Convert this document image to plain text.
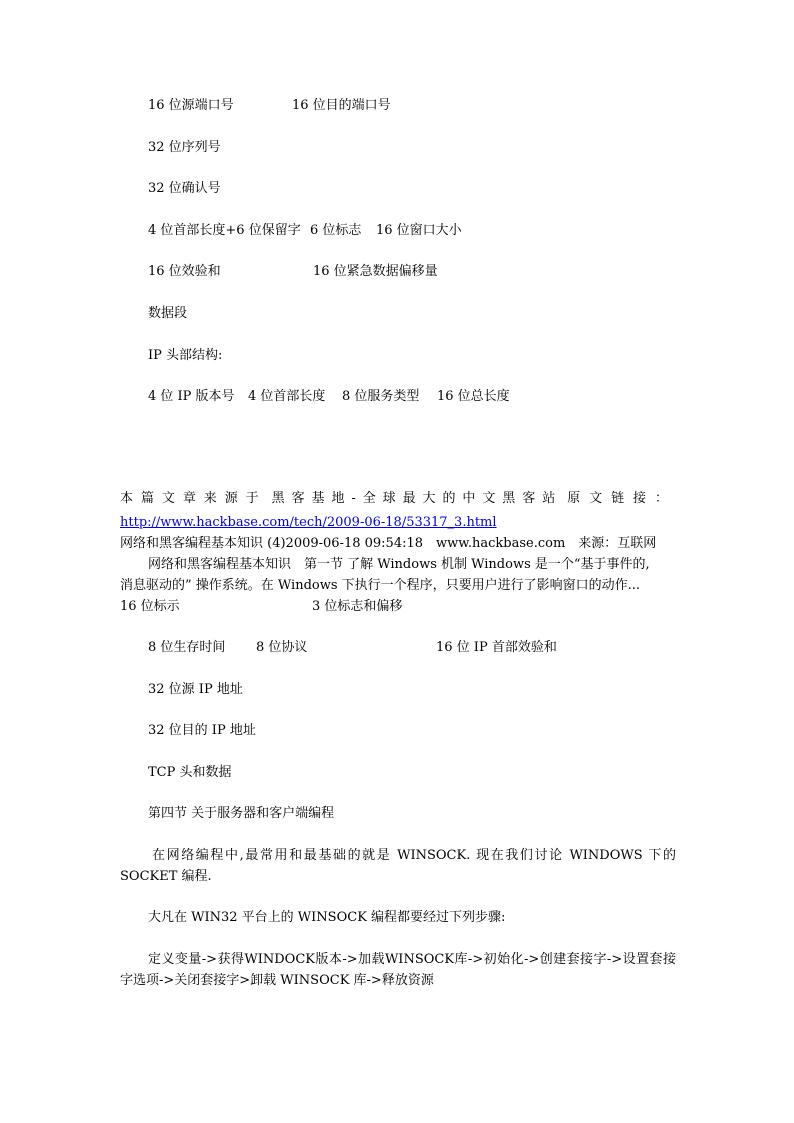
16 位源端口号	16 位目的端口号
32 位序列号
32 位确认号
4 位首部长度+6 位保留字 6 位标志 16 位窗口大小
16 位效验和	16 位紧急数据偏移量
数据段
IP 头部结构:
4 位 IP 版本号 4 位首部长度 8 位服务类型 16 位总长度
本篇文章来源于 黑客基地-全球最大的中文黑客站 原文链接：
http://www.hackbase.com/tech/2009-06-18/53317_3.html
网络和黑客编程基本知识 (4)2009-06-18 09:54:18　www.hackbase.com　来源：互联网
网络和黑客编程基本知识　第一节 了解 Windows 机制 Windows 是一个“基于事件的,
消息驱动的” 操作系统。在 Windows 下执行一个程序，只要用户进行了影响窗口的动作...
16 位标示	3 位标志和偏移
8 位生存时间 8 位协议	16 位 IP 首部效验和
32 位源 IP 地址
32 位目的 IP 地址
TCP 头和数据
第四节 关于服务器和客户端编程
在网络编程中,最常用和最基础的就是 WINSOCK. 现在我们讨论 WINDOWS 下的
SOCKET 编程.
大凡在 WIN32 平台上的 WINSOCK 编程都要经过下列步骤:
定义变量->获得WINDOCK版本->加载WINSOCK库->初始化->创建套接字->设置套接
字选项->关闭套接字>卸载 WINSOCK 库->释放资源
